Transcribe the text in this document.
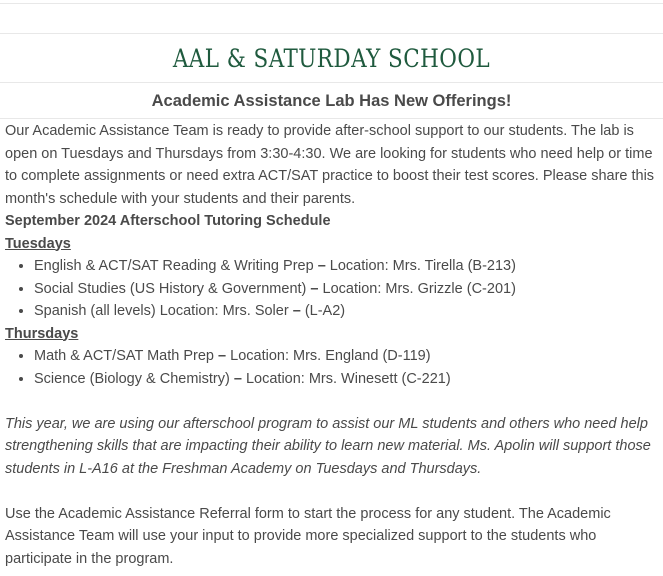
AAL & SATURDAY SCHOOL
Academic Assistance Lab Has New Offerings!

Our Academic Assistance Team is ready to provide after-school support to our students. The lab is open on Tuesdays and Thursdays from 3:30-4:30. We are looking for students who need help or time to complete assignments or need extra ACT/SAT practice to boost their test scores. Please share this month's schedule with your students and their parents.

September 2024 Afterschool Tutoring Schedule

Tuesdays

• English & ACT/SAT Reading & Writing Prep – Location: Mrs. Tirella (B-213)
• Social Studies (US History & Government) – Location: Mrs. Grizzle (C-201)
• Spanish (all levels) Location: Mrs. Soler – (L-A2)

Thursdays

• Math & ACT/SAT Math Prep – Location: Mrs. England (D-119)
• Science (Biology & Chemistry) – Location: Mrs. Winesett (C-221)

This year, we are using our afterschool program to assist our ML students and others who need help strengthening skills that are impacting their ability to learn new material. Ms. Apolin will support those students in L-A16 at the Freshman Academy on Tuesdays and Thursdays.

Use the Academic Assistance Referral form to start the process for any student. The Academic Assistance Team will use your input to provide more specialized support to the students who participate in the program.
